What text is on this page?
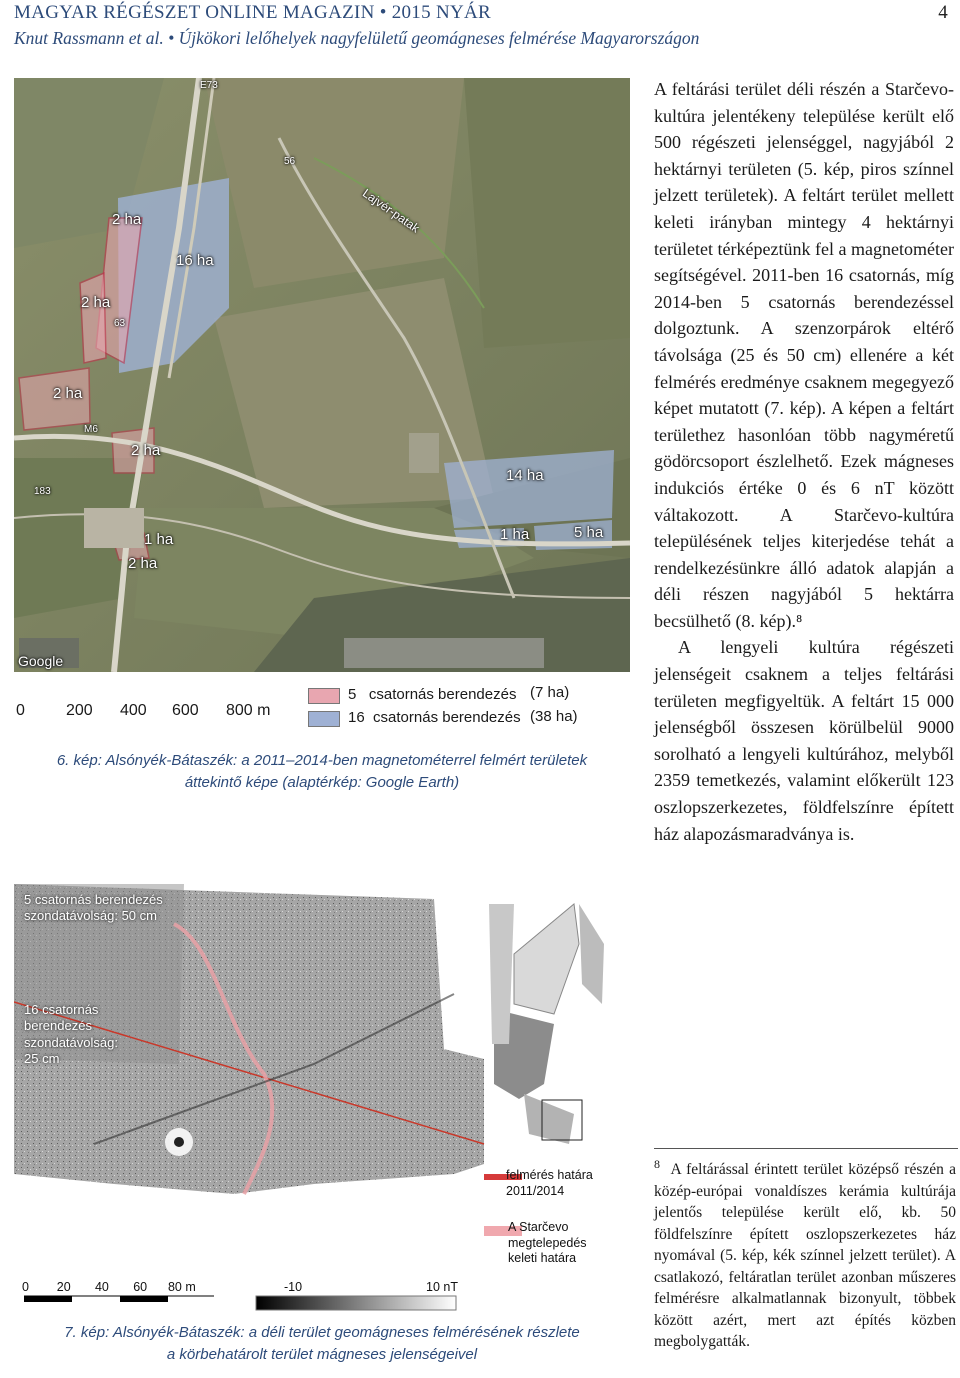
MAGYAR RÉGÉSZET ONLINE MAGAZIN • 2015 NYÁR	4
Knut Rassmann et al. • Újkökori lelőhelyek nagyfelületű geomágneses felmérése Magyarországon
2 ha
16 ha
2 ha
2 ha
2 ha
1 ha
2 ha
14 ha
1 ha	5 ha
E73
56
Lajvér-patak
63
M6
183
Google
0	200 400 600 800 m
5 csatornás berendezés (7 ha)
16 csatornás berendezés (38 ha)
6. kép: Alsónyék-Bátaszék: a 2011–2014-ben magnetométerrel felmért területek
áttekintő képe (alaptérkép: Google Earth)

A feltárási terület déli részén a Starčevo-kultúra jelentékeny települése került elő 500 régészeti jelenséggel, nagyjából 2 hektárnyi területen (5. kép, piros színnel jelzett területek). A feltárt terület mellett keleti irányban mintegy 4 hektárnyi területet térképeztünk fel a magnetométer segítségével. 2011-ben 16 csatornás, míg 2014-ben 5 csatornás berendezéssel dolgoztunk. A szenzorpárok eltérő távolsága (25 és 50 cm) ellenére a két felmérés eredménye csaknem megegyező képet mutatott (7. kép). A képen a feltárt területhez hasonlóan több nagyméretű gödörcsoport észlelhető. Ezek mágneses indukciós értéke 0 és 6 nT között váltakozott. A Starčevo-kultúra településének teljes kiterjedése tehát a rendelkezésünkre álló adatok alapján a déli részen nagyjából 5 hektárra becsülhető (8. kép).⁸

A lengyeli kultúra régészeti jelenségeit csaknem a teljes feltárási területen megfigyeltük. A feltárt 15 000 jelenségből összesen körülbelül 9000 sorolható a lengyeli kultúrához, melyből 2359 temetkezés, valamint előkerült 123 oszlopszerkezetes, földfelszínre épített ház alapozásmaradványa is.

$^8$ A feltárással érintett terület középső részén a közép-európai vonaldíszes kerámia kultúrája jelentős települése került elő, kb. 50 földfelszínre épített oszlopszerkezetes ház nyomával (5. kép, kék színnel jelzett terület). A csatlakozó, feltáratlan terület azonban műszeres felmérésre alkalmatlannak bizonyult, többek között azért, mert azt építés közben megbolygatták.
5 csatornás berendezés szondatávolság: 50 cm
16 csatornás berendezés szondatávolság: 25 cm
felmérés határa 2011/2014
A Starčevo megtelepedés keleti határa
0 20 40 60 80 m	-10	10 nT
7. kép: Alsónyék-Bátaszék: a déli terület geomágneses felmérésének részlete
a körbehatárolt terület mágneses jelenségeivel
